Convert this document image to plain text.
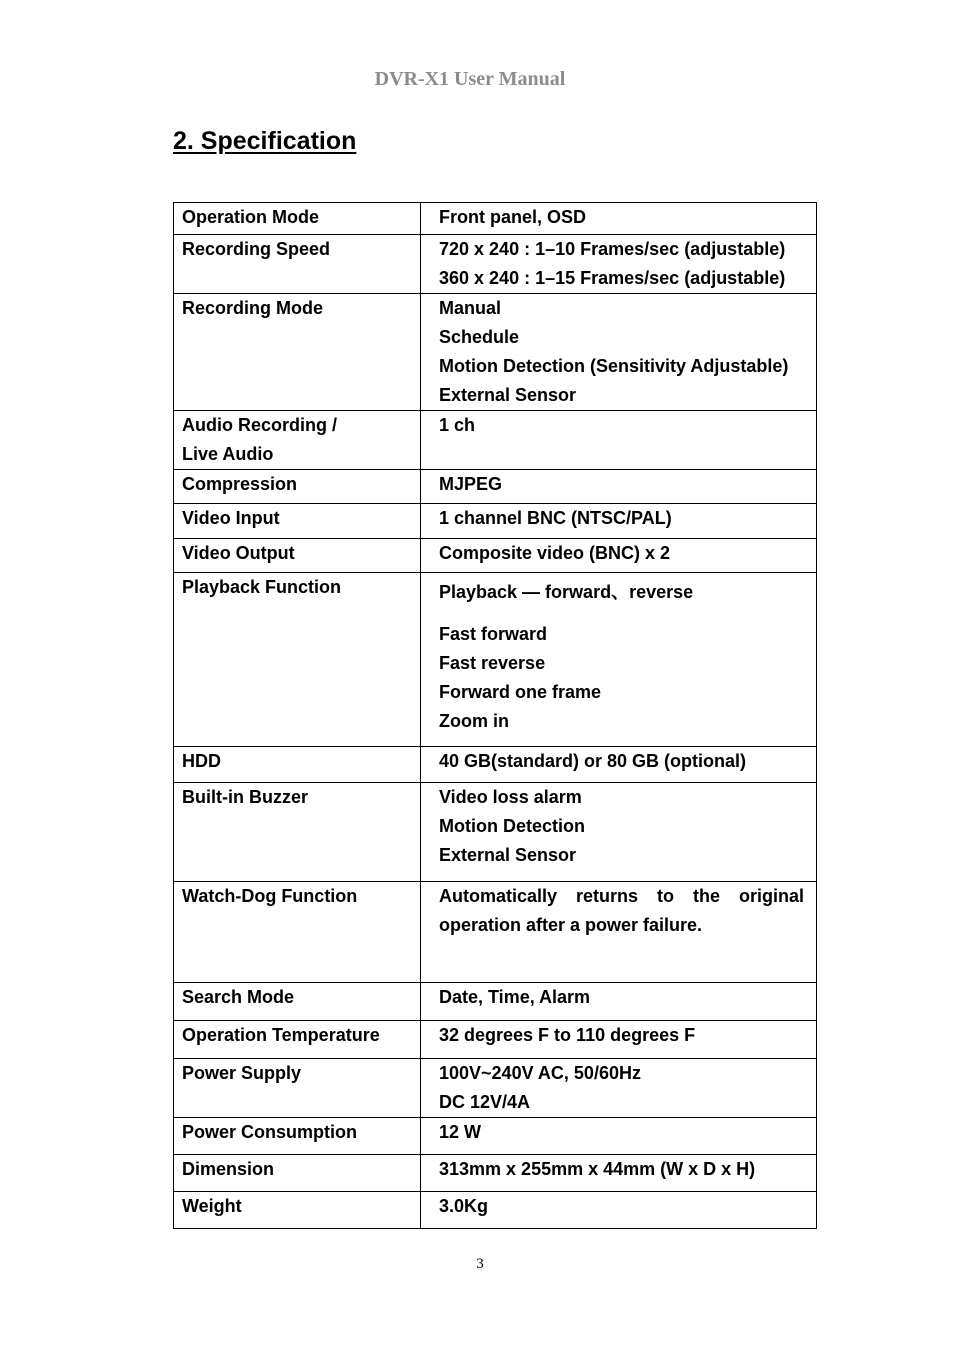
DVR-X1 User Manual
2. Specification
Operation Mode	Front panel, OSD

Recording Speed	720 x 240 : 1–10 Frames/sec (adjustable)
360 x 240 : 1–15 Frames/sec (adjustable)

Recording Mode	Manual
Schedule
Motion Detection (Sensitivity Adjustable)
External Sensor

Audio Recording /
Live Audio	1 ch

Compression	MJPEG

Video Input	1 channel BNC (NTSC/PAL)

Video Output	Composite video (BNC) x 2

Playback Function	Playback — forward、reverse
Fast forward
Fast reverse
Forward one frame
Zoom in

HDD	40 GB(standard) or 80 GB (optional)

Built-in Buzzer	Video loss alarm
Motion Detection
External Sensor

Watch-Dog Function	Automatically returns to the original operation after a power failure.

Search Mode	Date, Time, Alarm

Operation Temperature	32 degrees F to 110 degrees F

Power Supply	100V~240V AC, 50/60Hz
DC 12V/4A

Power Consumption	12 W

Dimension	313mm x 255mm x 44mm (W x D x H)

Weight	3.0Kg
3
